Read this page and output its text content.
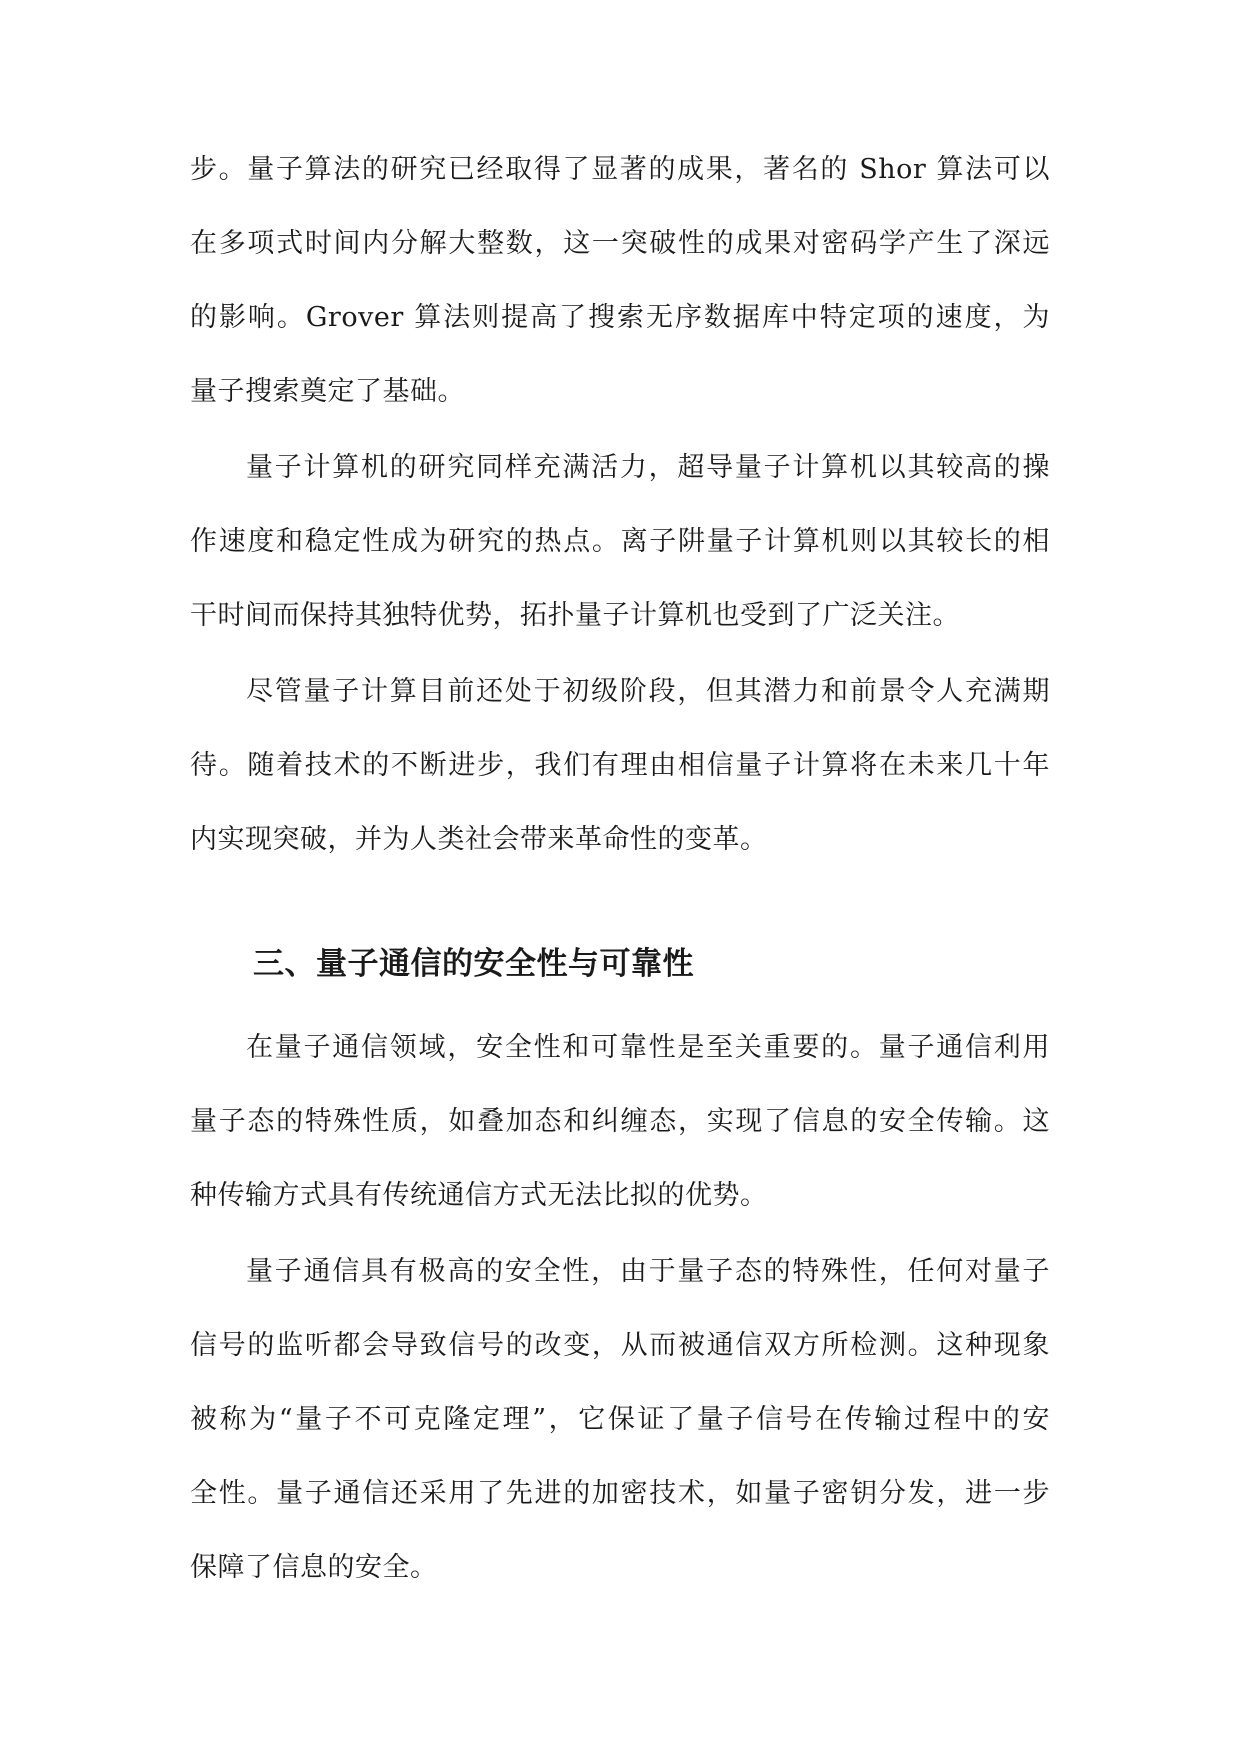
步。量子算法的研究已经取得了显著的成果，著名的 Shor 算法可以
在多项式时间内分解大整数，这一突破性的成果对密码学产生了深远
的影响。Grover 算法则提高了搜索无序数据库中特定项的速度，为
量子搜索奠定了基础。
量子计算机的研究同样充满活力，超导量子计算机以其较高的操
作速度和稳定性成为研究的热点。离子阱量子计算机则以其较长的相
干时间而保持其独特优势，拓扑量子计算机也受到了广泛关注。
尽管量子计算目前还处于初级阶段，但其潜力和前景令人充满期
待。随着技术的不断进步，我们有理由相信量子计算将在未来几十年
内实现突破，并为人类社会带来革命性的变革。
三、量子通信的安全性与可靠性
在量子通信领域，安全性和可靠性是至关重要的。量子通信利用
量子态的特殊性质，如叠加态和纠缠态，实现了信息的安全传输。这
种传输方式具有传统通信方式无法比拟的优势。
量子通信具有极高的安全性，由于量子态的特殊性，任何对量子
信号的监听都会导致信号的改变，从而被通信双方所检测。这种现象
被称为“量子不可克隆定理”，它保证了量子信号在传输过程中的安
全性。量子通信还采用了先进的加密技术，如量子密钥分发，进一步
保障了信息的安全。
